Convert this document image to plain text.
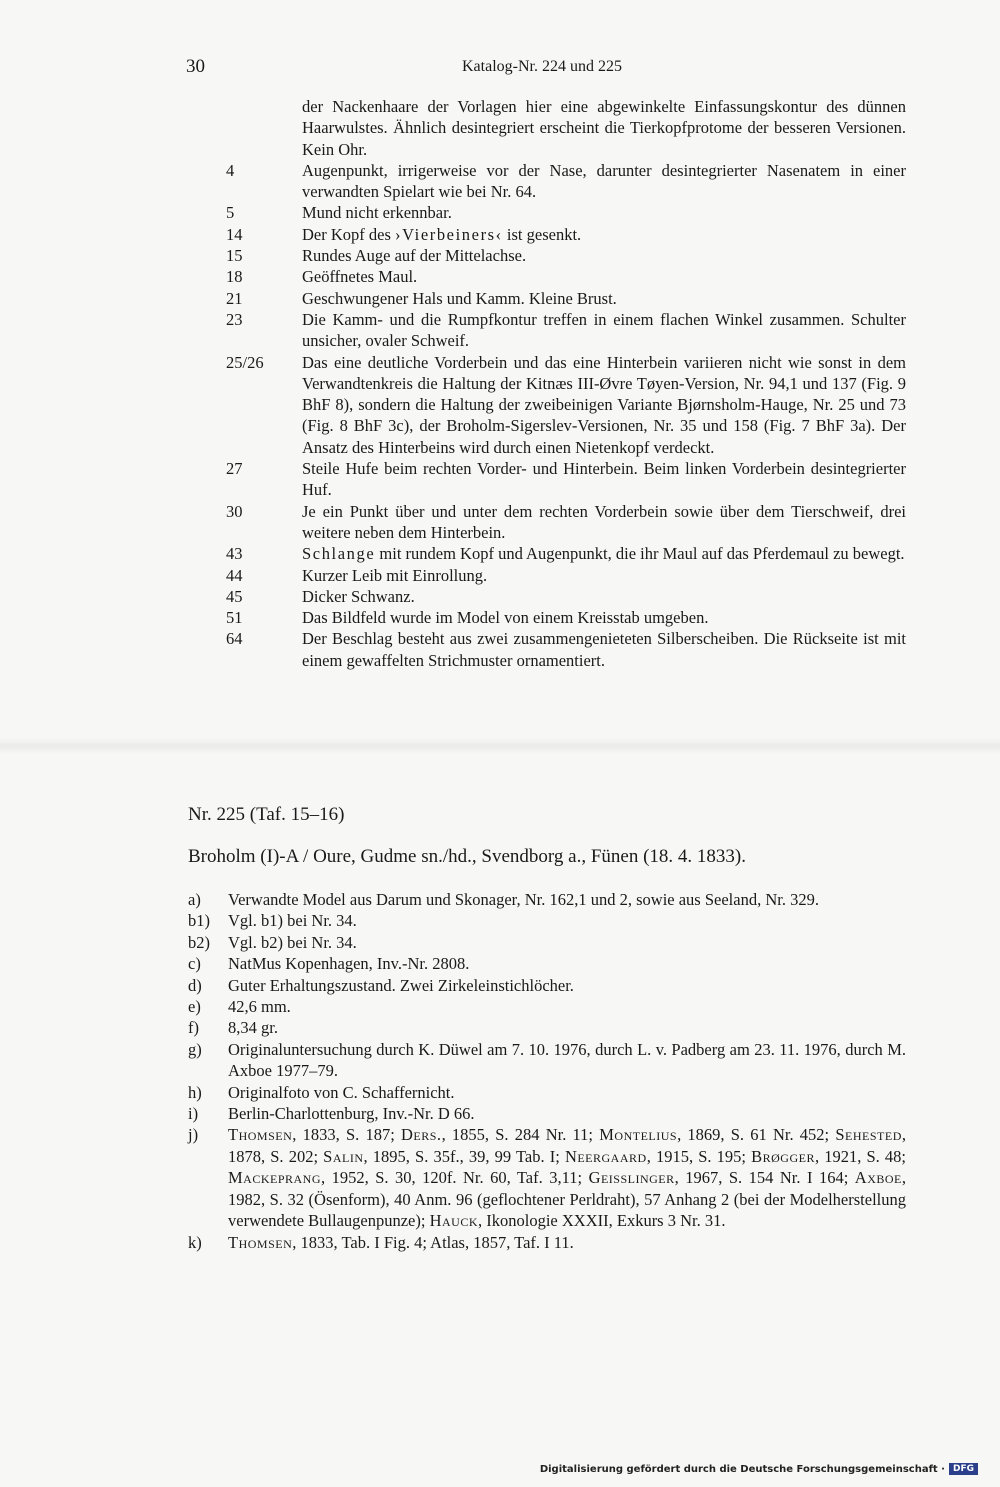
30	Katalog-Nr. 224 und 225
der Nackenhaare der Vorlagen hier eine abgewinkelte Einfassungskontur des dünnen Haarwulstes. Ähnlich desintegriert erscheint die Tierkopfprotome der besseren Versionen. Kein Ohr.
4	Augenpunkt, irrigerweise vor der Nase, darunter desintegrierter Nasenatem in einer verwandten Spielart wie bei Nr. 64.
5	Mund nicht erkennbar.
14	Der Kopf des ›Vierbeiners‹ ist gesenkt.
15	Rundes Auge auf der Mittelachse.
18	Geöffnetes Maul.
21	Geschwungener Hals und Kamm. Kleine Brust.
23	Die Kamm- und die Rumpfkontur treffen in einem flachen Winkel zusammen. Schulter unsicher, ovaler Schweif.
25/26	Das eine deutliche Vorderbein und das eine Hinterbein variieren nicht wie sonst in dem Verwandtenkreis die Haltung der Kitnæs III-Øvre Tøyen-Version, Nr. 94,1 und 137 (Fig. 9 BhF 8), sondern die Haltung der zweibeinigen Variante Bjørnsholm-Hauge, Nr. 25 und 73 (Fig. 8 BhF 3c), der Broholm-Sigerslev-Versionen, Nr. 35 und 158 (Fig. 7 BhF 3a). Der Ansatz des Hinterbeins wird durch einen Nietenkopf verdeckt.
27	Steile Hufe beim rechten Vorder- und Hinterbein. Beim linken Vorderbein desintegrierter Huf.
30	Je ein Punkt über und unter dem rechten Vorderbein sowie über dem Tierschweif, drei weitere neben dem Hinterbein.
43	Schlange mit rundem Kopf und Augenpunkt, die ihr Maul auf das Pferdemaul zu bewegt.
44	Kurzer Leib mit Einrollung.
45	Dicker Schwanz.
51	Das Bildfeld wurde im Model von einem Kreisstab umgeben.
64	Der Beschlag besteht aus zwei zusammengenieteten Silberscheiben. Die Rückseite ist mit einem gewaffelten Strichmuster ornamentiert.
Nr. 225 (Taf. 15–16)
Broholm (I)-A / Oure, Gudme sn./hd., Svendborg a., Fünen (18. 4. 1833).
a)	Verwandte Model aus Darum und Skonager, Nr. 162,1 und 2, sowie aus Seeland, Nr. 329.
b1)	Vgl. b1) bei Nr. 34.
b2)	Vgl. b2) bei Nr. 34.
c)	NatMus Kopenhagen, Inv.-Nr. 2808.
d)	Guter Erhaltungszustand. Zwei Zirkeleinstichlöcher.
e)	42,6 mm.
f)	8,34 gr.
g)	Originaluntersuchung durch K. Düwel am 7. 10. 1976, durch L. v. Padberg am 23. 11. 1976, durch M. Axboe 1977–79.
h)	Originalfoto von C. Schaffernicht.
i)	Berlin-Charlottenburg, Inv.-Nr. D 66.
j)	Thomsen, 1833, S. 187; Ders., 1855, S. 284 Nr. 11; Montelius, 1869, S. 61 Nr. 452; Sehested, 1878, S. 202; Salin, 1895, S. 35f., 39, 99 Tab. I; Neergaard, 1915, S. 195; Brøgger, 1921, S. 48; Mackeprang, 1952, S. 30, 120f. Nr. 60, Taf. 3,11; Geisslinger, 1967, S. 154 Nr. I 164; Axboe, 1982, S. 32 (Ösenform), 40 Anm. 96 (geflochtener Perldraht), 57 Anhang 2 (bei der Modelherstellung verwendete Bullaugenpunze); Hauck, Ikonologie XXXII, Exkurs 3 Nr. 31.
k)	Thomsen, 1833, Tab. I Fig. 4; Atlas, 1857, Taf. I 11.
Digitalisierung gefördert durch die Deutsche Forschungsgemeinschaft · DFG
